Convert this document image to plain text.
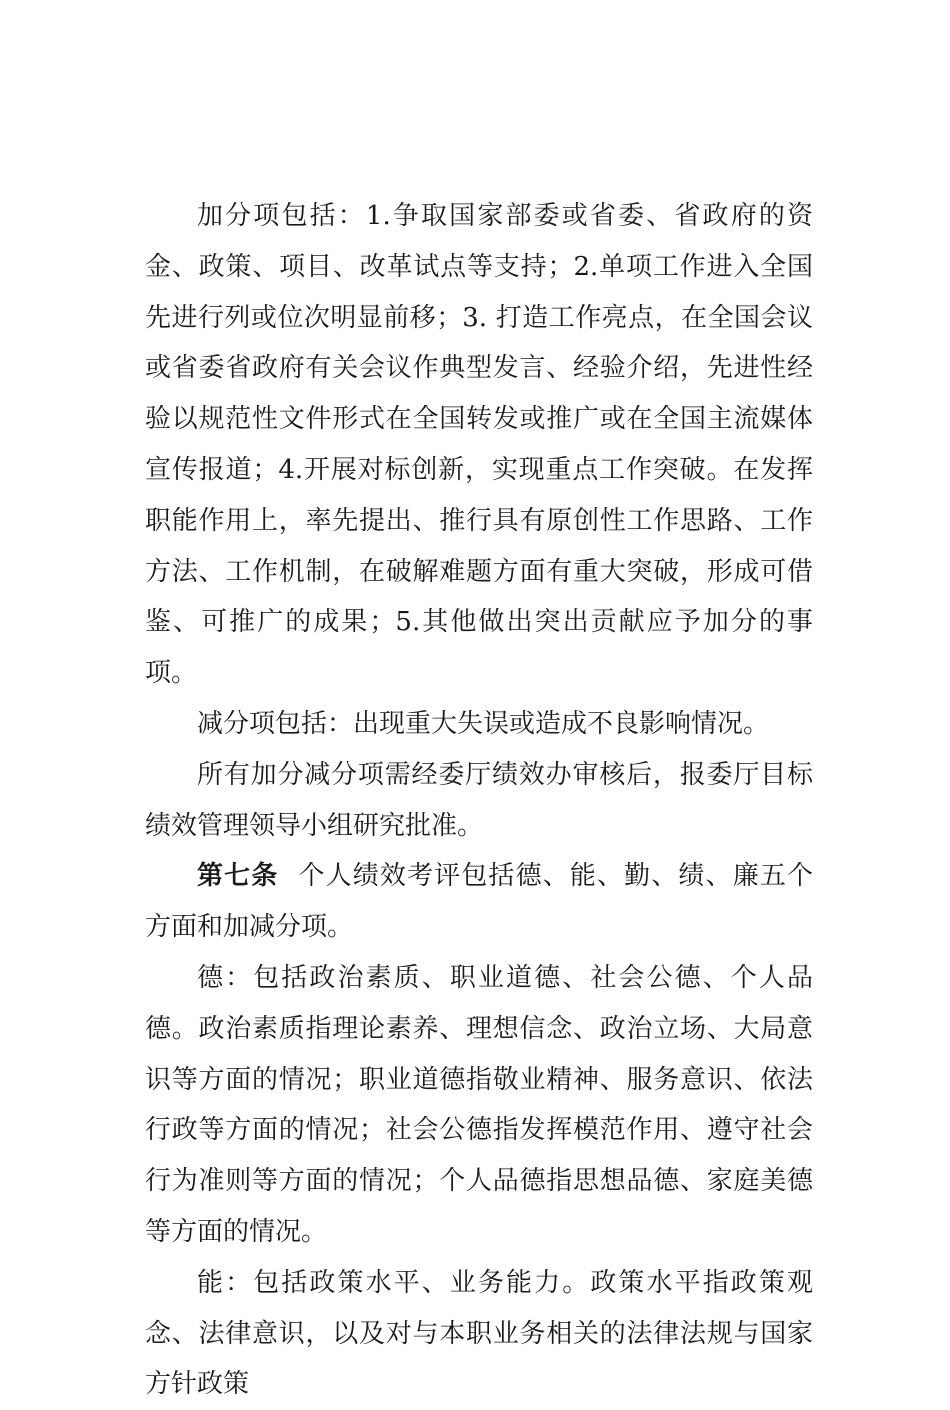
加分项包括：1.争取国家部委或省委、省政府的资金、政策、项目、改革试点等支持；2.单项工作进入全国先进行列或位次明显前移；3. 打造工作亮点，在全国会议或省委省政府有关会议作典型发言、经验介绍，先进性经验以规范性文件形式在全国转发或推广或在全国主流媒体宣传报道；4.开展对标创新，实现重点工作突破。在发挥职能作用上，率先提出、推行具有原创性工作思路、工作方法、工作机制，在破解难题方面有重大突破，形成可借鉴、可推广的成果；5.其他做出突出贡献应予加分的事项。

减分项包括：出现重大失误或造成不良影响情况。

所有加分减分项需经委厅绩效办审核后，报委厅目标绩效管理领导小组研究批准。

第七条 个人绩效考评包括德、能、勤、绩、廉五个方面和加减分项。

德：包括政治素质、职业道德、社会公德、个人品德。政治素质指理论素养、理想信念、政治立场、大局意识等方面的情况；职业道德指敬业精神、服务意识、依法行政等方面的情况；社会公德指发挥模范作用、遵守社会行为准则等方面的情况；个人品德指思想品德、家庭美德等方面的情况。

能：包括政策水平、业务能力。政策水平指政策观念、法律意识，以及对与本职业务相关的法律法规与国家方针政策
